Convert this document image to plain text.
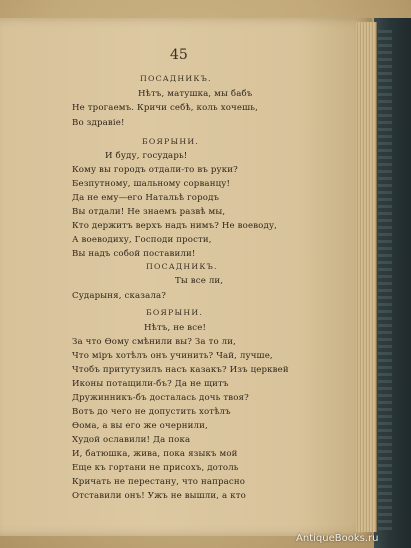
45
ПОСАДНИКЪ.
Нѣтъ, матушка, мы бабъ
Не трогаемъ. Кричи себѣ, коль хочешь,
Во здравіе!
БОЯРЫНИ.
И буду, государь!
Кому вы городъ отдали-то въ руки?
Безпутному, шальному сорванцу!
Да не ему—его Натальѣ городъ
Вы отдали! Не знаемъ развѣ мы,
Кто держитъ верхъ надъ нимъ? Не воеводу,
А воеводиху, Господи прости,
Вы надъ собой поставили!
ПОСАДНИКЪ.
Ты все ли,
Сударыня, сказала?
БОЯРЫНИ.
Нѣтъ, не все!
За что Ѳому смѣнили вы? За то ли,
Что міръ хотѣлъ онъ учинить? Чай, лучше,
Чтобъ притутузилъ насъ казакъ? Изъ церквей
Иконы потащили-бъ? Да не щитъ
Дружинникъ-бъ досталась дочь твоя?
Вотъ до чего не допустить хотѣлъ
Ѳома, а вы его же очернили,
Худой ославили! Да пока
И, батюшка, жива, пока языкъ мой
Еще къ гортани не присохъ, дотоль
Кричать не перестану, что напрасно
Отставили онъ! Ужъ не вышли, а кто
AntiqueBooks.ru
